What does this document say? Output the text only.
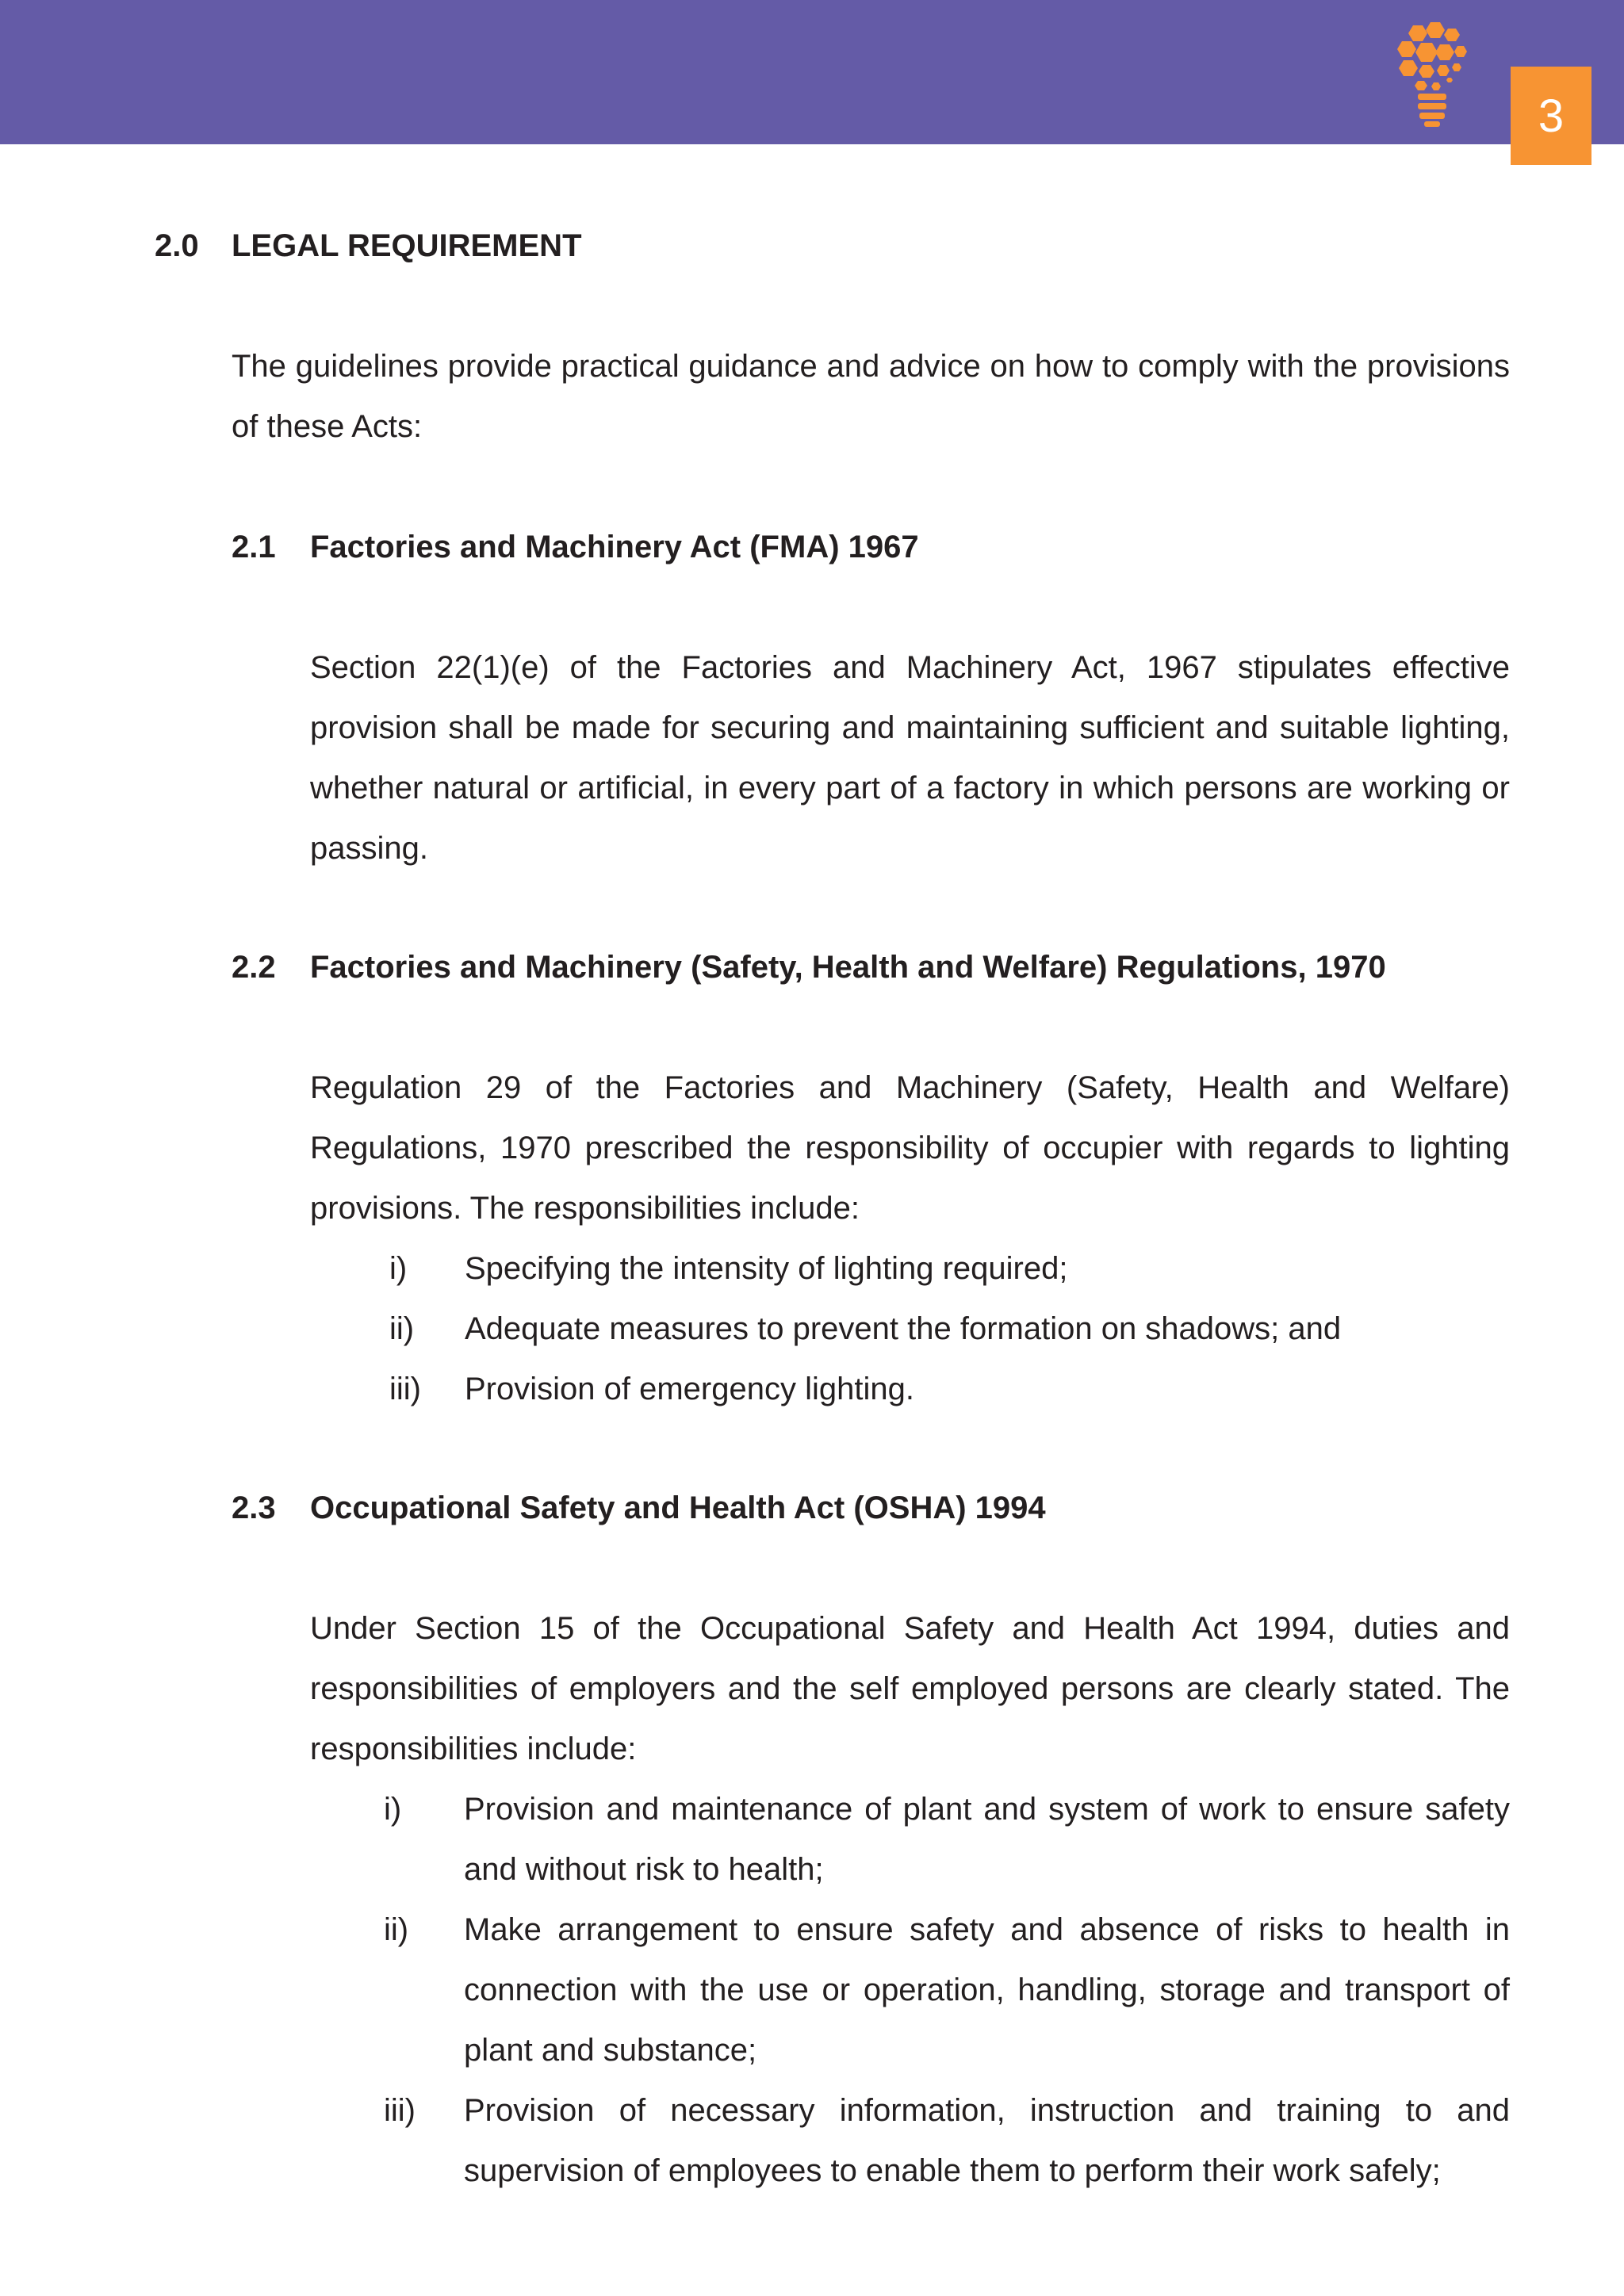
3
2.0 LEGAL REQUIREMENT
The guidelines provide practical guidance and advice on how to comply with the provisions of these Acts:
2.1 Factories and Machinery Act (FMA) 1967
Section 22(1)(e) of the Factories and Machinery Act, 1967 stipulates effective provision shall be made for securing and maintaining sufficient and suitable lighting, whether natural or artificial, in every part of a factory in which persons are working or passing.
2.2 Factories and Machinery (Safety, Health and Welfare) Regulations, 1970
Regulation 29 of the Factories and Machinery (Safety, Health and Welfare) Regulations, 1970 prescribed the responsibility of occupier with regards to lighting provisions. The responsibilities include:
i) Specifying the intensity of lighting required;
ii) Adequate measures to prevent the formation on shadows; and
iii) Provision of emergency lighting.
2.3 Occupational Safety and Health Act (OSHA) 1994
Under Section 15 of the Occupational Safety and Health Act 1994, duties and responsibilities of employers and the self employed persons are clearly stated. The responsibilities include:
i) Provision and maintenance of plant and system of work to ensure safety and without risk to health;
ii) Make arrangement to ensure safety and absence of risks to health in connection with the use or operation, handling, storage and transport of plant and substance;
iii) Provision of necessary information, instruction and training to and supervision of employees to enable them to perform their work safely;
